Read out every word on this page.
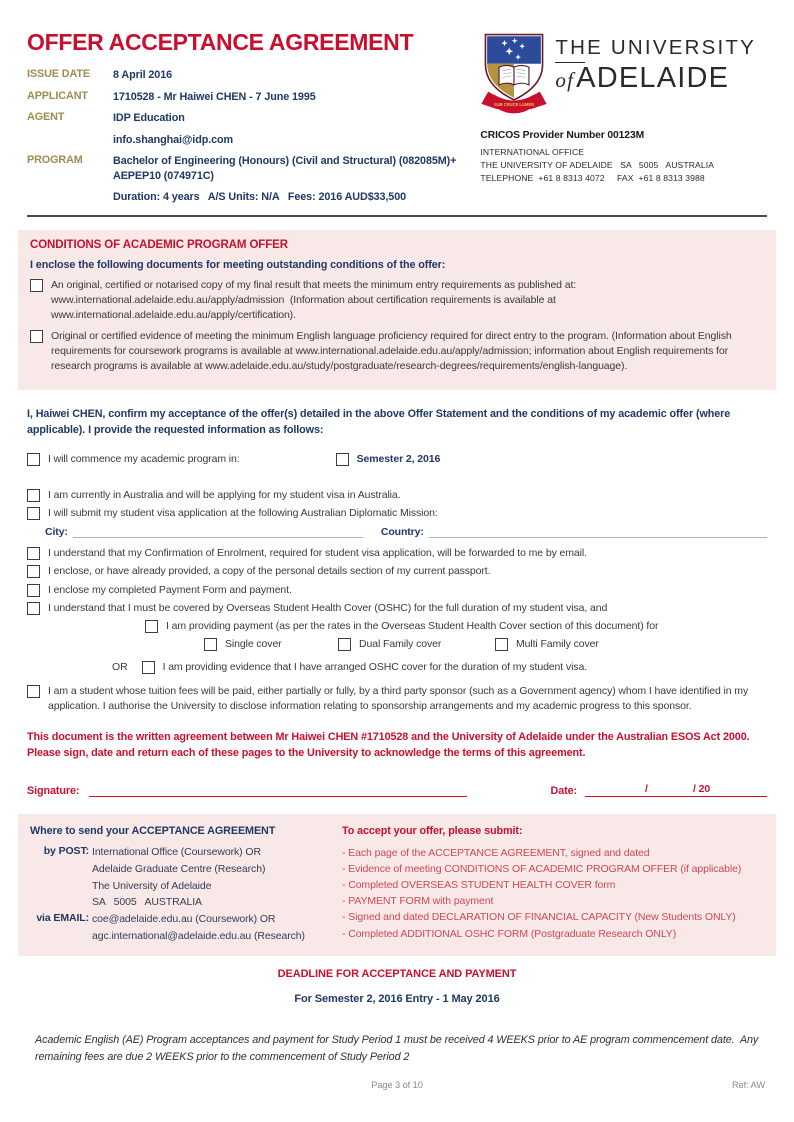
OFFER ACCEPTANCE AGREEMENT
ISSUE DATE	8 April 2016
APPLICANT	1710528 - Mr Haiwei CHEN - 7 June 1995
AGENT	IDP Education
info.shanghai@idp.com
PROGRAM	Bachelor of Engineering (Honours) (Civil and Structural) (082085M)+ AEPEP10 (074971C)
Duration: 4 years   A/S Units: N/A   Fees: 2016 AUD$33,500
SUB CRUCE LUMEN
THE UNIVERSITY
ofADELAIDE
CRICOS Provider Number 00123M
INTERNATIONAL OFFICE
THE UNIVERSITY OF ADELAIDE   SA   5005   AUSTRALIA
TELEPHONE  +61 8 8313 4072     FAX  +61 8 8313 3988
CONDITIONS OF ACADEMIC PROGRAM OFFER
I enclose the following documents for meeting outstanding conditions of the offer:
An original, certified or notarised copy of my final result that meets the minimum entry requirements as published at: www.international.adelaide.edu.au/apply/admission  (Information about certification requirements is available at www.international.adelaide.edu.au/apply/certification).
Original or certified evidence of meeting the minimum English language proficiency required for direct entry to the program. (Information about English requirements for coursework programs is available at www.international.adelaide.edu.au/apply/admission; information about English requirements for research programs is available at www.adelaide.edu.au/study/postgraduate/research-degrees/requirements/english-language).
I, Haiwei CHEN, confirm my acceptance of the offer(s) detailed in the above Offer Statement and the conditions of my academic offer (where applicable). I provide the requested information as follows:
I will commence my academic program in:	Semester 2, 2016
I am currently in Australia and will be applying for my student visa in Australia.
I will submit my student visa application at the following Australian Diplomatic Mission:
City:	Country:
I understand that my Confirmation of Enrolment, required for student visa application, will be forwarded to me by email.
I enclose, or have already provided, a copy of the personal details section of my current passport.
I enclose my completed Payment Form and payment.
I understand that I must be covered by Overseas Student Health Cover (OSHC) for the full duration of my student visa, and
I am providing payment (as per the rates in the Overseas Student Health Cover section of this document) for
Single cover	Dual Family cover	Multi Family cover
OR	I am providing evidence that I have arranged OSHC cover for the duration of my student visa.
I am a student whose tuition fees will be paid, either partially or fully, by a third party sponsor (such as a Government agency) whom I have identified in my application. I authorise the University to disclose information relating to sponsorship arrangements and my academic progress to this sponsor.
This document is the written agreement between Mr Haiwei CHEN #1710528 and the University of Adelaide under the Australian ESOS Act 2000.  Please sign, date and return each of these pages to the University to acknowledge the terms of this agreement.
Signature:	Date:	/	/ 20
Where to send your ACCEPTANCE AGREEMENT
by POST: International Office (Coursework) OR
Adelaide Graduate Centre (Research)
The University of Adelaide
SA   5005   AUSTRALIA
via EMAIL: coe@adelaide.edu.au (Coursework) OR
agc.international@adelaide.edu.au (Research)
To accept your offer, please submit:
- Each page of the ACCEPTANCE AGREEMENT, signed and dated
- Evidence of meeting CONDITIONS OF ACADEMIC PROGRAM OFFER (if applicable)
- Completed OVERSEAS STUDENT HEALTH COVER form
- PAYMENT FORM with payment
- Signed and dated DECLARATION OF FINANCIAL CAPACITY (New Students ONLY)
- Completed ADDITIONAL OSHC FORM (Postgraduate Research ONLY)
DEADLINE FOR ACCEPTANCE AND PAYMENT
For Semester 2, 2016 Entry - 1 May 2016
Academic English (AE) Program acceptances and payment for Study Period 1 must be received 4 WEEKS prior to AE program commencement date.  Any remaining fees are due 2 WEEKS prior to the commencement of Study Period 2
Page 3 of 10	Ref: AW
